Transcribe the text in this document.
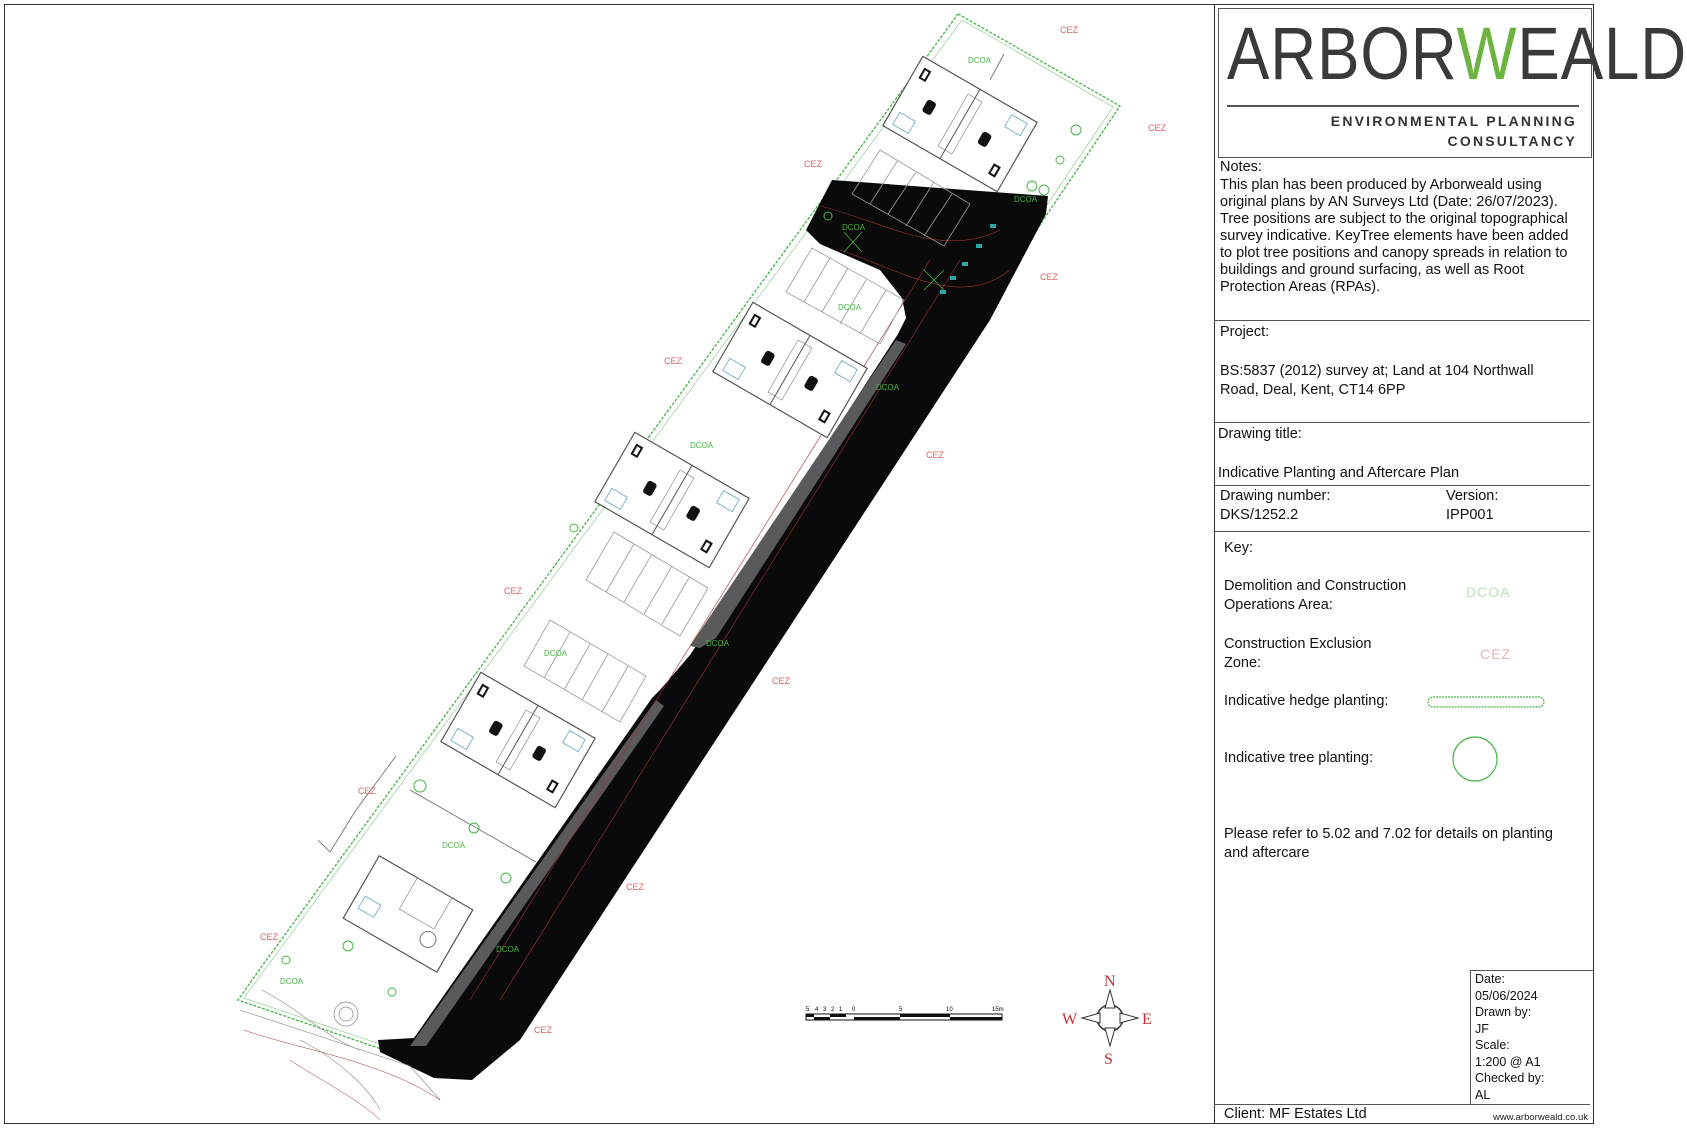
CEZ
CEZ
CEZ
CEZ
CEZ
CEZ
CEZ
CEZ
CEZ
CEZ
CEZ
CEZ
DCOA
DCOA
DCOA
DCOA
DCOA
DCOA
DCOA
DCOA
DCOA
DCOA
DCOA
5 4 3 2 1 0	5	10	15m
N
S
E
W
ARBORWEALD
ENVIRONMENTAL PLANNING
CONSULTANCY
Notes:
This plan has been produced by Arborweald using
original plans by AN Surveys Ltd (Date: 26/07/2023).
Tree positions are subject to the original topographical
survey indicative. KeyTree elements have been added
to plot tree positions and canopy spreads in relation to
buildings and ground surfacing, as well as Root
Protection Areas (RPAs).
Project:
BS:5837 (2012) survey at; Land at 104 Northwall
Road, Deal, Kent, CT14 6PP
Drawing title:
Indicative Planting and Aftercare Plan
Drawing number:
DKS/1252.2
Version:
IPP001
Key:
Demolition and Construction
Operations Area:
DCOA
Construction Exclusion
Zone:
CEZ
Indicative hedge planting:
Indicative tree planting:
Please refer to 5.02 and 7.02 for details on planting
and aftercare
Date:
05/06/2024
Drawn by:
JF
Scale:
1:200 @ A1
Checked by:
AL
Client: MF Estates Ltd	www.arborweald.co.uk
